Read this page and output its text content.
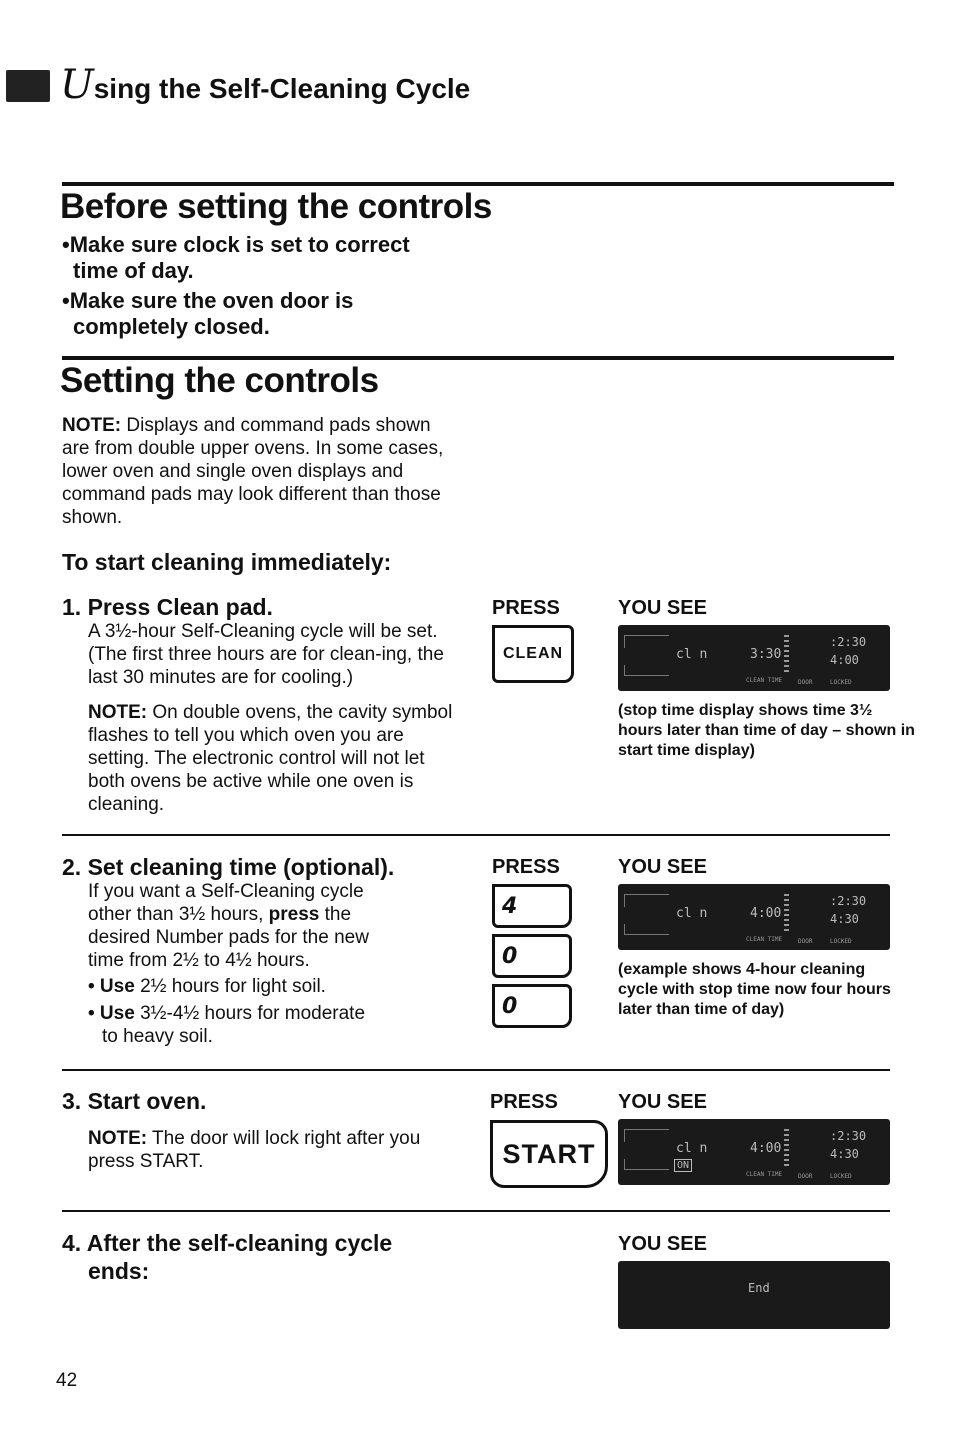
Using the Self-Cleaning Cycle
Before setting the controls
•Make sure clock is set to correct
time of day.
•Make sure the oven door is
completely closed.
Setting the controls
NOTE: Displays and command pads shown are from double upper ovens. In some cases, lower oven and single oven displays and command pads may look different than those shown.
To start cleaning immediately:
1. Press Clean pad.
A 3½-hour Self-Cleaning cycle will be set. (The first three hours are for clean-ing, the last 30 minutes are for cooling.)
NOTE: On double ovens, the cavity symbol flashes to tell you which oven you are setting. The electronic control will not let both ovens be active while one oven is cleaning.
PRESS	YOU SEE
CLEAN	cl n	3:30
:2:30
4:00
CLEAN TIME	DOOR	LOCKED
(stop time display shows time 3½ hours later than time of day – shown in start time display)
2. Set cleaning time (optional).
If you want a Self-Cleaning cycle other than 3½ hours, press the desired Number pads for the new time from 2½ to 4½ hours.
• Use 2½ hours for light soil.
• Use 3½-4½ hours for moderate
to heavy soil.
PRESS	YOU SEE
4
0
0
cl n	4:00
:2:30
4:30
CLEAN TIME	DOOR	LOCKED
(example shows 4-hour cleaning cycle with stop time now four hours later than time of day)
3. Start oven.
NOTE: The door will lock right after you press START.
PRESS	YOU SEE
START	ON
cl n	4:00
:2:30
4:30
CLEAN TIME	DOOR	LOCKED
4. After the self-cleaning cycle
ends:
YOU SEE
End
42
